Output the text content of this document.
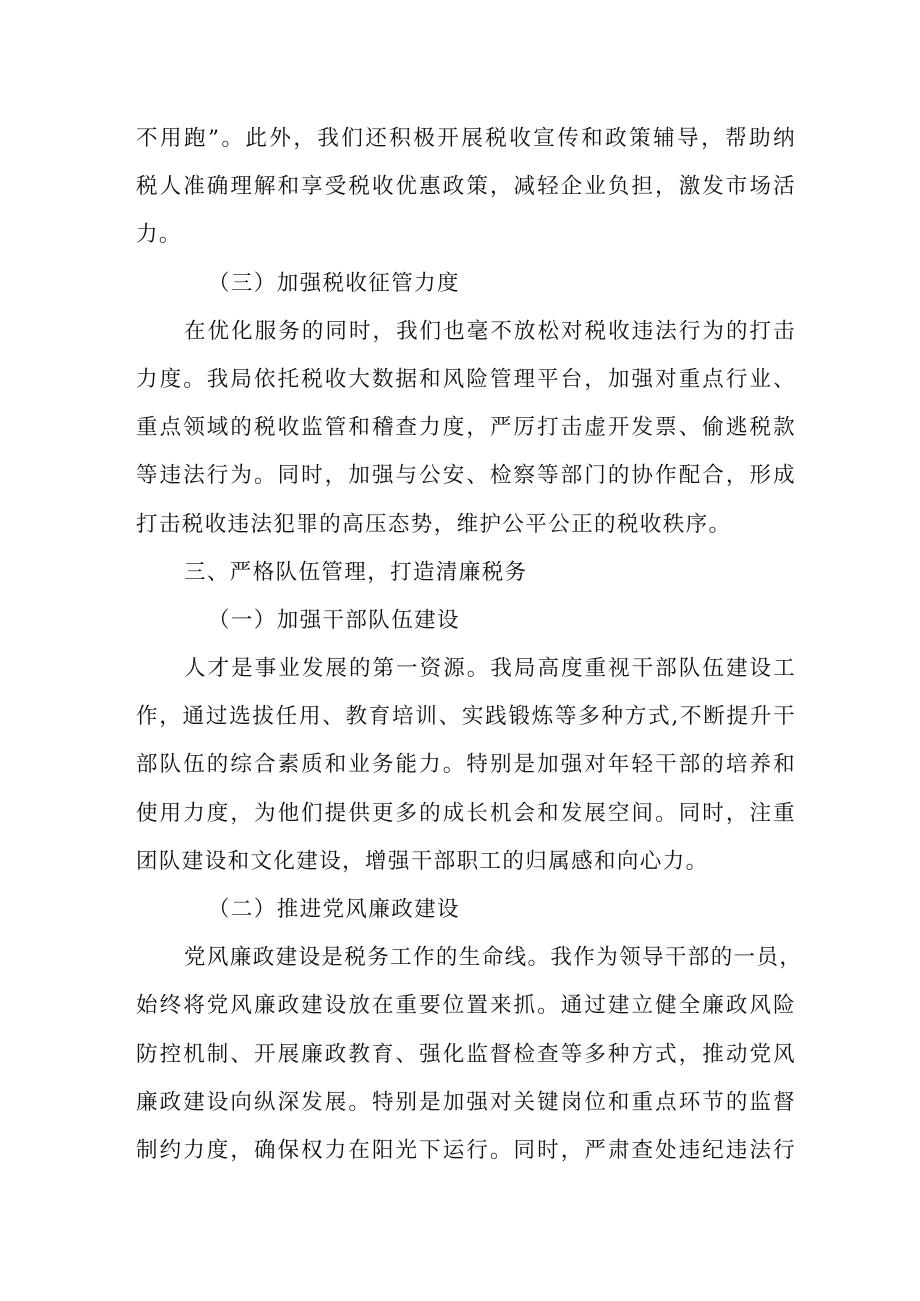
不用跑”。此外，我们还积极开展税收宣传和政策辅导，帮助纳
税人准确理解和享受税收优惠政策，减轻企业负担，激发市场活
力。
（三）加强税收征管力度
在优化服务的同时，我们也毫不放松对税收违法行为的打击
力度。我局依托税收大数据和风险管理平台，加强对重点行业、
重点领域的税收监管和稽查力度，严厉打击虚开发票、偷逃税款
等违法行为。同时，加强与公安、检察等部门的协作配合，形成
打击税收违法犯罪的高压态势，维护公平公正的税收秩序。
三、严格队伍管理，打造清廉税务
（一）加强干部队伍建设
人才是事业发展的第一资源。我局高度重视干部队伍建设工
作，通过选拔任用、教育培训、实践锻炼等多种方式,不断提升干
部队伍的综合素质和业务能力。特别是加强对年轻干部的培养和
使用力度，为他们提供更多的成长机会和发展空间。同时，注重
团队建设和文化建设，增强干部职工的归属感和向心力。
（二）推进党风廉政建设
党风廉政建设是税务工作的生命线。我作为领导干部的一员，
始终将党风廉政建设放在重要位置来抓。通过建立健全廉政风险
防控机制、开展廉政教育、强化监督检查等多种方式，推动党风
廉政建设向纵深发展。特别是加强对关键岗位和重点环节的监督
制约力度，确保权力在阳光下运行。同时，严肃查处违纪违法行
